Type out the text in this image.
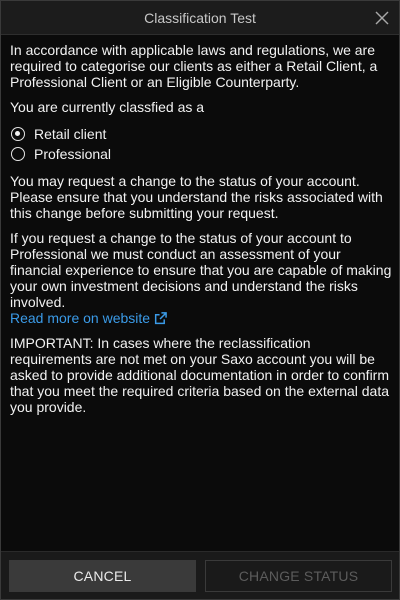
Classification Test

In accordance with applicable laws and regulations, we are required to categorise our clients as either a Retail Client, a Professional Client or an Eligible Counterparty.

You are currently classfied as a

Retail client
Professional

You may request a change to the status of your account. Please ensure that you understand the risks associated with this change before submitting your request.

If you request a change to the status of your account to Professional we must conduct an assessment of your financial experience to ensure that you are capable of making your own investment decisions and understand the risks involved.

Read more on website

IMPORTANT: In cases where the reclassification requirements are not met on your Saxo account you will be asked to provide additional documentation in order to confirm that you meet the required criteria based on the external data you provide.

CANCEL	CHANGE STATUS
